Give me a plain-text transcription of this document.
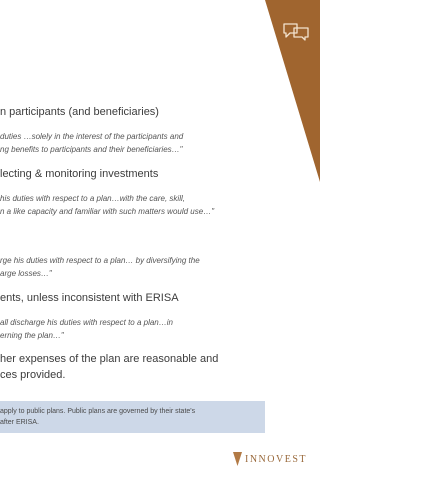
n participants (and beneficiaries)
duties …solely in the interest of the participants and
ng benefits to participants and their beneficiaries…"
lecting & monitoring investments
his duties with respect to a plan…with the care, skill,
n a like capacity and familiar with such matters would use…"
rge his duties with respect to a plan… by diversifying the
arge losses…"
ents, unless inconsistent with ERISA
all discharge his duties with respect to a plan…in
erning the plan…"
her expenses of the plan are reasonable and
ces provided.
apply to public plans. Public plans are governed by their state's
after ERISA.
INNOVEST
